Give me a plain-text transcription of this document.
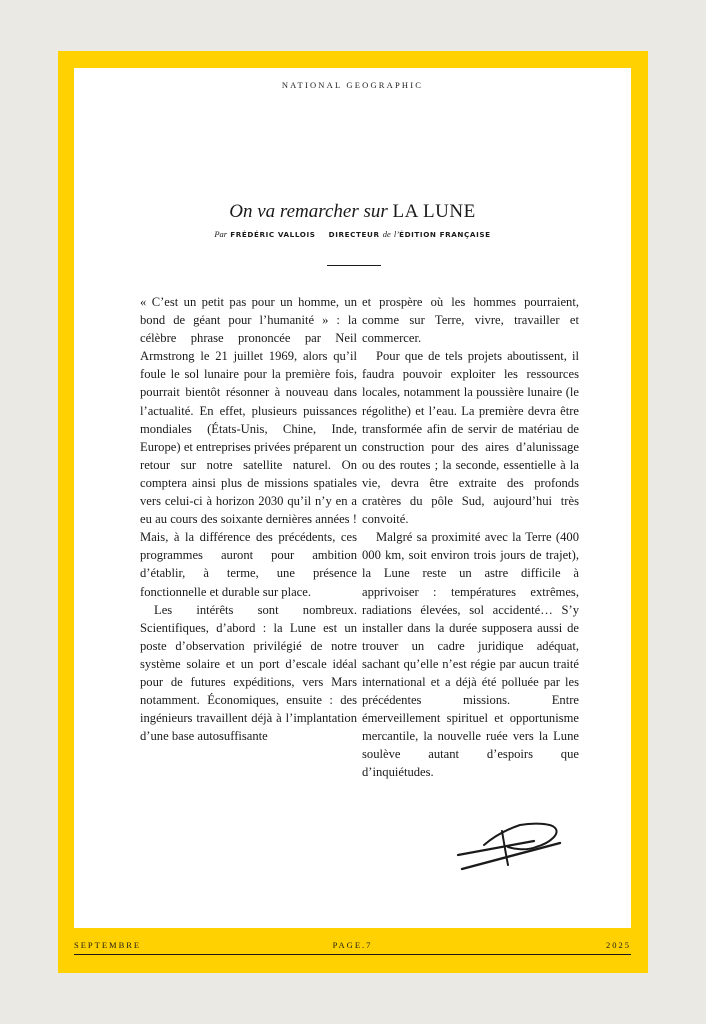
NATIONAL GEOGRAPHIC
On va remarcher sur LA LUNE
Par FRÉDÉRIC VALLOIS DIRECTEUR de l’ÉDITION FRANÇAISE

« C’est un petit pas pour un homme, un bond de géant pour l’humanité » : la célèbre phrase prononcée par Neil Armstrong le 21 juillet 1969, alors qu’il foule le sol lunaire pour la première fois, pourrait bientôt résonner à nouveau dans l’actualité. En effet, plusieurs puissances mondiales (États-Unis, Chine, Inde, Europe) et entreprises privées préparent un retour sur notre satellite naturel. On comptera ainsi plus de missions spatiales vers celui-ci à horizon 2030 qu’il n’y en a eu au cours des soixante dernières années ! Mais, à la différence des précédents, ces programmes auront pour ambition d’établir, à terme, une présence fonctionnelle et durable sur place.

Les intérêts sont nombreux. Scientifiques, d’abord : la Lune est un poste d’observation privilégié de notre système solaire et un port d’escale idéal pour de futures expéditions, vers Mars notamment. Économiques, ensuite : des ingénieurs travaillent déjà à l’implantation d’une base autosuffisante

et prospère où les hommes pourraient, comme sur Terre, vivre, travailler et commercer.

Pour que de tels projets aboutissent, il faudra pouvoir exploiter les ressources locales, notamment la poussière lunaire (le régolithe) et l’eau. La première devra être transformée afin de servir de matériau de construction pour des aires d’alunissage ou des routes ; la seconde, essentielle à la vie, devra être extraite des profonds cratères du pôle Sud, aujourd’hui très convoité.

Malgré sa proximité avec la Terre (400 000 km, soit environ trois jours de trajet), la Lune reste un astre difficile à apprivoiser : températures extrêmes, radiations élevées, sol accidenté… S’y installer dans la durée supposera aussi de trouver un cadre juridique adéquat, sachant qu’elle n’est régie par aucun traité international et a déjà été polluée par les précédentes missions. Entre émerveillement spirituel et opportunisme mercantile, la nouvelle ruée vers la Lune soulève autant d’espoirs que d’inquiétudes.

SEPTEMBRE	PAGE.7	2025
